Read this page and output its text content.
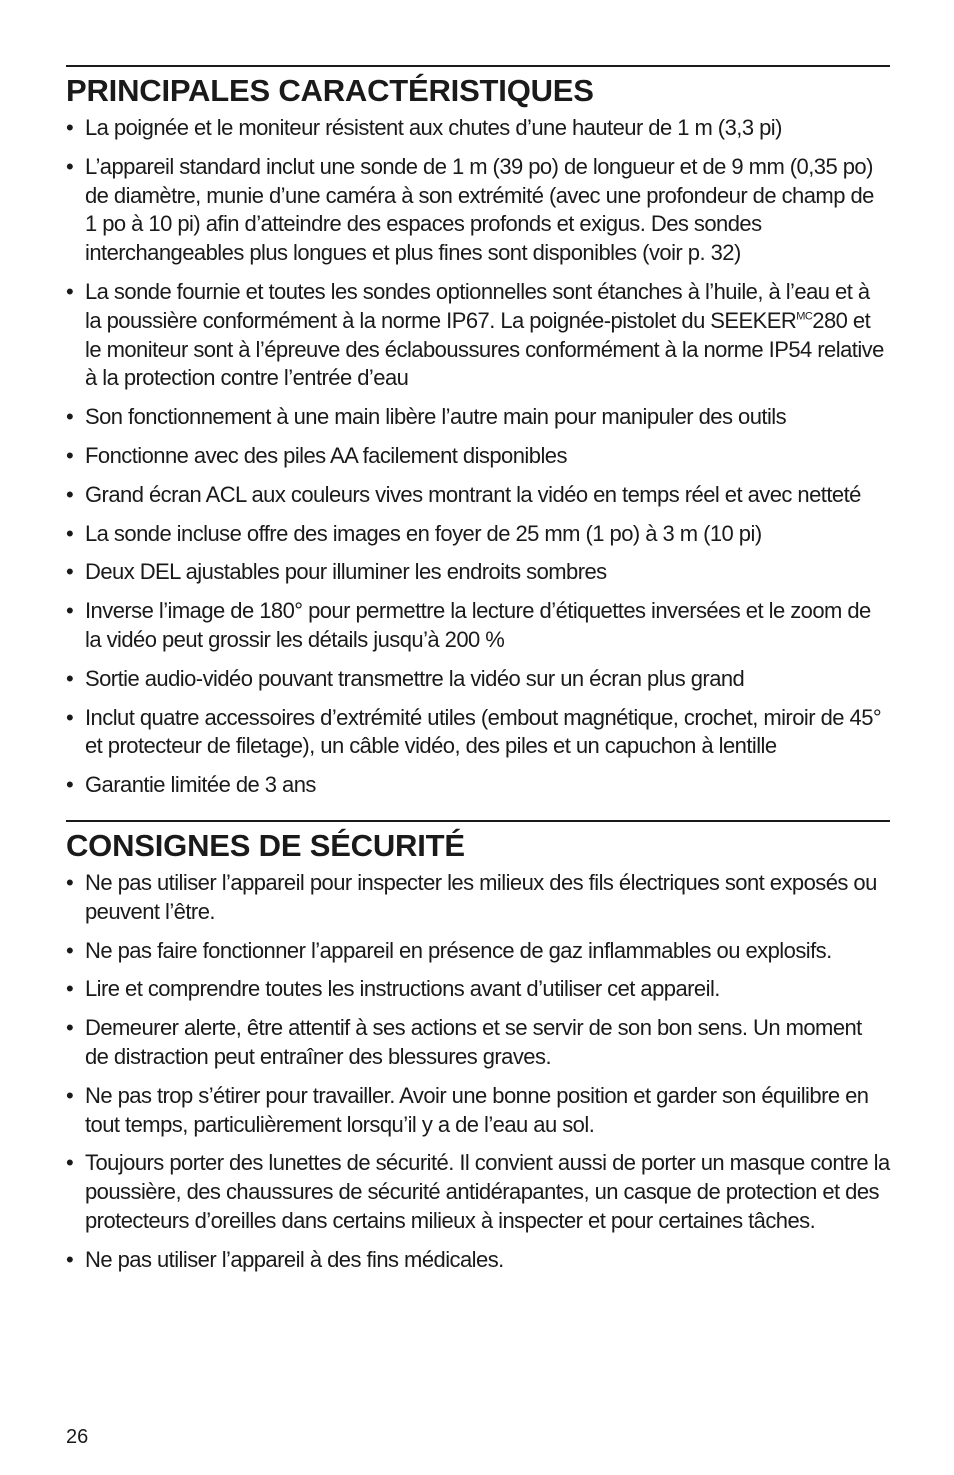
PRINCIPALES CARACTÉRISTIQUES
• La poignée et le moniteur résistent aux chutes d’une hauteur de 1 m (3,3 pi)
• L’appareil standard inclut une sonde de 1 m (39 po) de longueur et de 9 mm (0,35 po) de diamètre, munie d’une caméra à son extrémité (avec une profondeur de champ de 1 po à 10 pi) afin d’atteindre des espaces profonds et exigus. Des sondes interchangeables plus longues et plus fines sont disponibles (voir p. 32)
• La sonde fournie et toutes les sondes optionnelles sont étanches à l’huile, à l’eau et à la poussière conformément à la norme IP67. La poignée-pistolet du $SEEKER^{MC}280$ et le moniteur sont à l’épreuve des éclaboussures conformément à la norme IP54 relative à la protection contre l’entrée d’eau
• Son fonctionnement à une main libère l’autre main pour manipuler des outils
• Fonctionne avec des piles AA facilement disponibles
• Grand écran ACL aux couleurs vives montrant la vidéo en temps réel et avec netteté
• La sonde incluse offre des images en foyer de 25 mm (1 po) à 3 m (10 pi)
• Deux DEL ajustables pour illuminer les endroits sombres
• Inverse l’image de 180° pour permettre la lecture d’étiquettes inversées et le zoom de la vidéo peut grossir les détails jusqu’à 200 %
• Sortie audio-vidéo pouvant transmettre la vidéo sur un écran plus grand
• Inclut quatre accessoires d’extrémité utiles (embout magnétique, crochet, miroir de 45° et protecteur de filetage), un câble vidéo, des piles et un capuchon à lentille
• Garantie limitée de 3 ans
CONSIGNES DE SÉCURITÉ
• Ne pas utiliser l’appareil pour inspecter les milieux des fils électriques sont exposés ou peuvent l’être.
• Ne pas faire fonctionner l’appareil en présence de gaz inflammables ou explosifs.
• Lire et comprendre toutes les instructions avant d’utiliser cet appareil.
• Demeurer alerte, être attentif à ses actions et se servir de son bon sens. Un moment de distraction peut entraîner des blessures graves.
• Ne pas trop s’étirer pour travailler. Avoir une bonne position et garder son équilibre en tout temps, particulièrement lorsqu’il y a de l’eau au sol.
• Toujours porter des lunettes de sécurité. Il convient aussi de porter un masque contre la poussière, des chaussures de sécurité antidérapantes, un casque de protection et des protecteurs d’oreilles dans certains milieux à inspecter et pour certaines tâches.
• Ne pas utiliser l’appareil à des fins médicales.
26
